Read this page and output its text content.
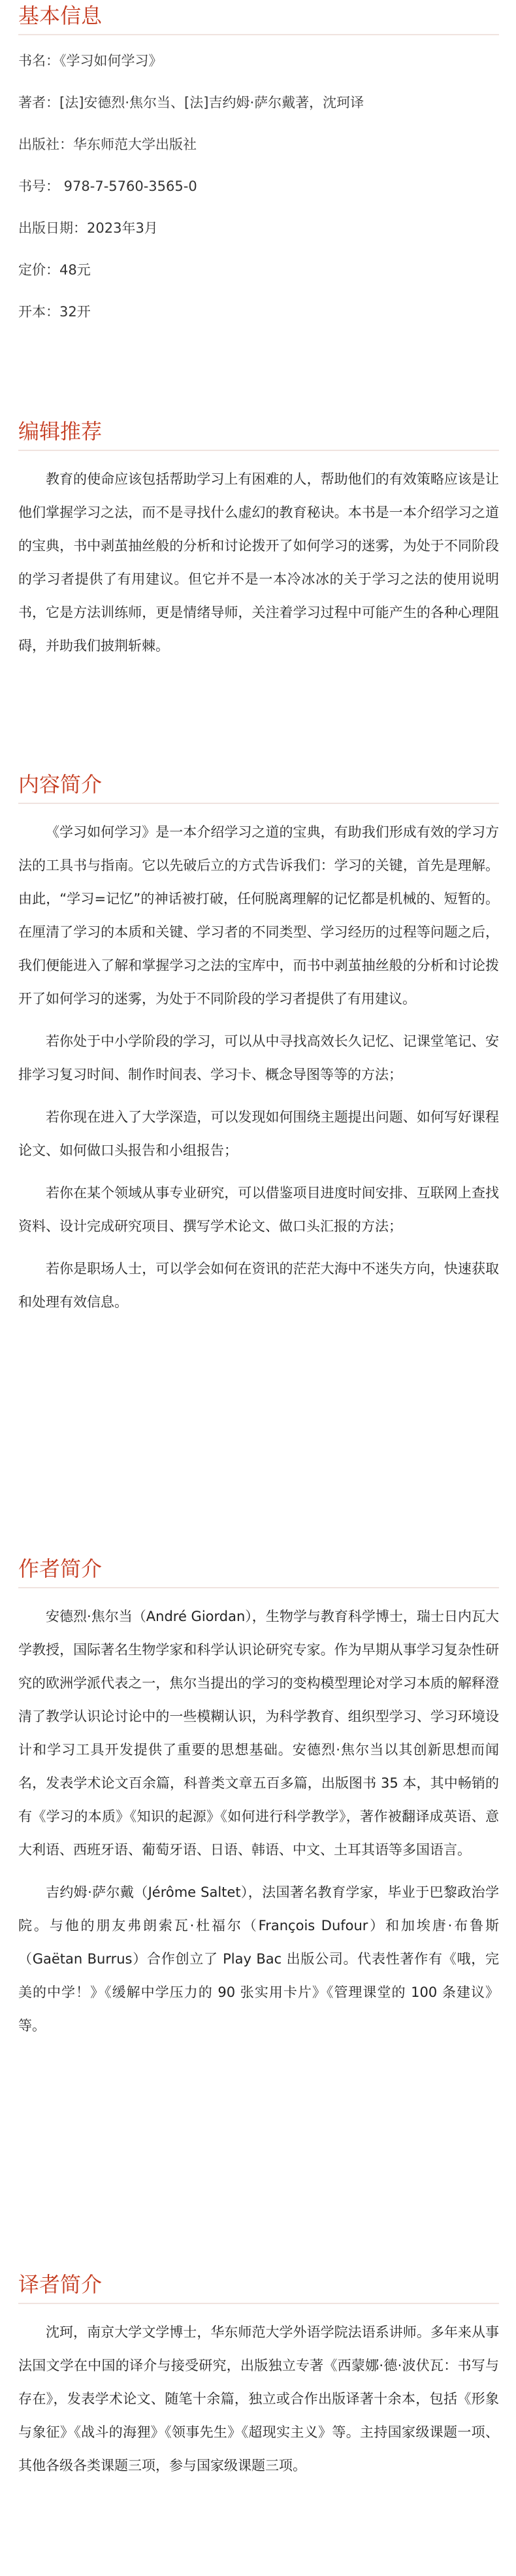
基本信息
书名：《学习如何学习》
著者：[法]安德烈·焦尔当、[法]吉约姆·萨尔戴著，沈珂译
出版社：华东师范大学出版社
书号： 978-7-5760-3565-0
出版日期：2023年3月
定价：48元
开本：32开
编辑推荐

教育的使命应该包括帮助学习上有困难的人，帮助他们的有效策略应该是让他们掌握学习之法，而不是寻找什么虚幻的教育秘诀。本书是一本介绍学习之道的宝典，书中剥茧抽丝般的分析和讨论拨开了如何学习的迷雾，为处于不同阶段的学习者提供了有用建议。但它并不是一本冷冰冰的关于学习之法的使用说明书，它是方法训练师，更是情绪导师，关注着学习过程中可能产生的各种心理阻碍，并助我们披荆斩棘。

内容简介

《学习如何学习》是一本介绍学习之道的宝典，有助我们形成有效的学习方法的工具书与指南。它以先破后立的方式告诉我们：学习的关键，首先是理解。由此，“学习=记忆”的神话被打破，任何脱离理解的记忆都是机械的、短暂的。在厘清了学习的本质和关键、学习者的不同类型、学习经历的过程等问题之后，我们便能进入了解和掌握学习之法的宝库中，而书中剥茧抽丝般的分析和讨论拨开了如何学习的迷雾，为处于不同阶段的学习者提供了有用建议。

若你处于中小学阶段的学习，可以从中寻找高效长久记忆、记课堂笔记、安排学习复习时间、制作时间表、学习卡、概念导图等等的方法；

若你现在进入了大学深造，可以发现如何围绕主题提出问题、如何写好课程论文、如何做口头报告和小组报告；

若你在某个领域从事专业研究，可以借鉴项目进度时间安排、互联网上查找资料、设计完成研究项目、撰写学术论文、做口头汇报的方法；

若你是职场人士，可以学会如何在资讯的茫茫大海中不迷失方向，快速获取和处理有效信息。

作者简介

安德烈·焦尔当（André Giordan），生物学与教育科学博士，瑞士日内瓦大学教授，国际著名生物学家和科学认识论研究专家。作为早期从事学习复杂性研究的欧洲学派代表之一，焦尔当提出的学习的变构模型理论对学习本质的解释澄清了教学认识论讨论中的一些模糊认识，为科学教育、组织型学习、学习环境设计和学习工具开发提供了重要的思想基础。安德烈·焦尔当以其创新思想而闻名，发表学术论文百余篇，科普类文章五百多篇，出版图书 35 本，其中畅销的有《学习的本质》《知识的起源》《如何进行科学教学》，著作被翻译成英语、意大利语、西班牙语、葡萄牙语、日语、韩语、中文、土耳其语等多国语言。

吉约姆·萨尔戴（Jérôme Saltet），法国著名教育学家，毕业于巴黎政治学院。与他的朋友弗朗索瓦·杜福尔（François Dufour）和加埃唐·布鲁斯（Gaëtan Burrus）合作创立了 Play Bac 出版公司。代表性著作有《哦，完美的中学！》《缓解中学压力的 90 张实用卡片》《管理课堂的 100 条建议》等。

译者简介

沈珂，南京大学文学博士，华东师范大学外语学院法语系讲师。多年来从事法国文学在中国的译介与接受研究，出版独立专著《西蒙娜·德·波伏瓦：书写与存在》，发表学术论文、随笔十余篇，独立或合作出版译著十余本，包括《形象与象征》《战斗的海狸》《领事先生》《超现实主义》等。主持国家级课题一项、其他各级各类课题三项，参与国家级课题三项。
